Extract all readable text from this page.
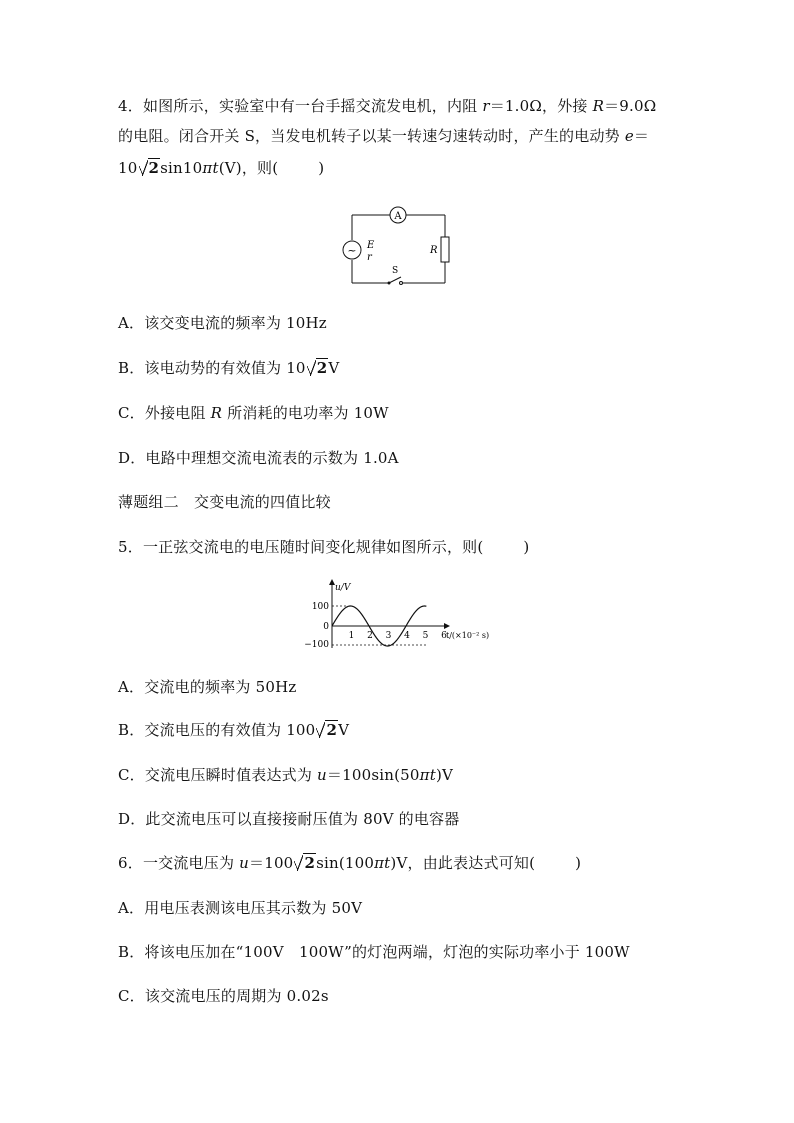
4．如图所示，实验室中有一台手摇交流发电机，内阻 r＝1.0Ω，外接 R＝9.0Ω
的电阻。闭合开关 S，当发电机转子以某一转速匀速转动时，产生的电动势 e＝
10 2sin10πt(V)，则(	)
A
~ E
r
R
S
A．该交变电流的频率为 10Hz
B．该电动势的有效值为 10 2V
C．外接电阻 R 所消耗的电功率为 10W
D．电路中理想交流电流表的示数为 1.0A
薄题组二　交变电流的四值比较
5．一正弦交流电的电压随时间变化规律如图所示，则(	)
u/V
100
0
−100
1 2 3 4 5 6 t/(×10⁻² s)
A．交流电的频率为 50Hz
B．交流电压的有效值为 100 2V
C．交流电压瞬时值表达式为 u＝100sin(50πt)V
D．此交流电压可以直接接耐压值为 80V 的电容器
6．一交流电压为 u＝100 2sin(100πt)V，由此表达式可知(	)
A．用电压表测该电压其示数为 50V
B．将该电压加在“100V　100W”的灯泡两端，灯泡的实际功率小于 100W
C．该交流电压的周期为 0.02s
